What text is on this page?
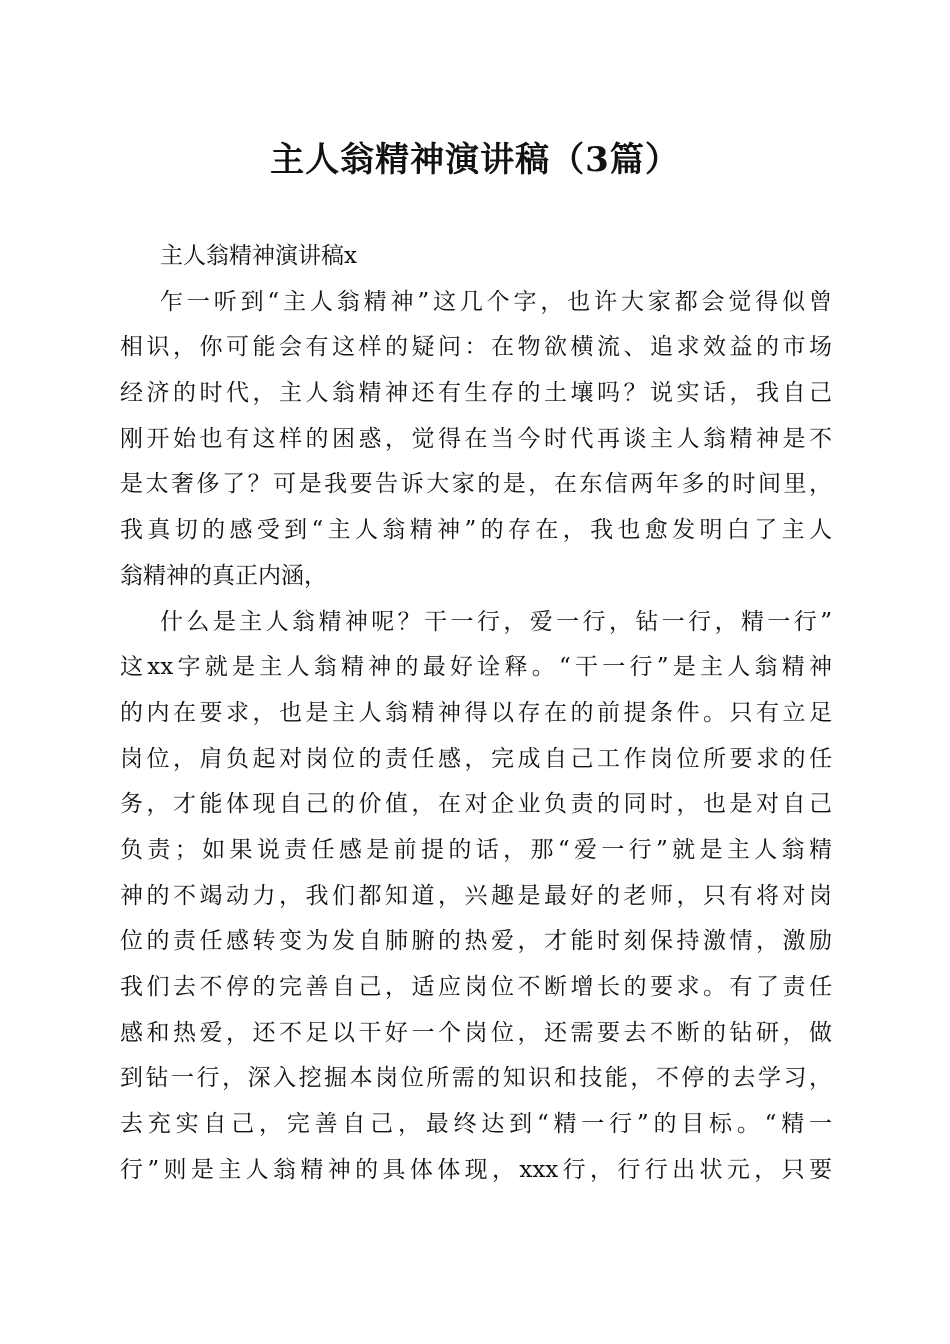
主人翁精神演讲稿（3篇）
主人翁精神演讲稿x
乍一听到“主人翁精神”这几个字，也许大家都会觉得似曾
相识，你可能会有这样的疑问：在物欲横流、追求效益的市场
经济的时代，主人翁精神还有生存的土壤吗？说实话，我自己
刚开始也有这样的困惑，觉得在当今时代再谈主人翁精神是不
是太奢侈了？可是我要告诉大家的是，在东信两年多的时间里，
我真切的感受到“主人翁精神”的存在，我也愈发明白了主人
翁精神的真正内涵，
什么是主人翁精神呢？干一行，爱一行，钻一行，精一行”
这xx字就是主人翁精神的最好诠释。“干一行”是主人翁精神
的内在要求，也是主人翁精神得以存在的前提条件。只有立足
岗位，肩负起对岗位的责任感，完成自己工作岗位所要求的任
务，才能体现自己的价值，在对企业负责的同时，也是对自己
负责；如果说责任感是前提的话，那“爱一行”就是主人翁精
神的不竭动力，我们都知道，兴趣是最好的老师，只有将对岗
位的责任感转变为发自肺腑的热爱，才能时刻保持激情，激励
我们去不停的完善自己，适应岗位不断增长的要求。有了责任
感和热爱，还不足以干好一个岗位，还需要去不断的钻研，做
到钻一行，深入挖掘本岗位所需的知识和技能，不停的去学习，
去充实自己，完善自己，最终达到“精一行”的目标。“精一
行”则是主人翁精神的具体体现，xxx行，行行出状元，只要
